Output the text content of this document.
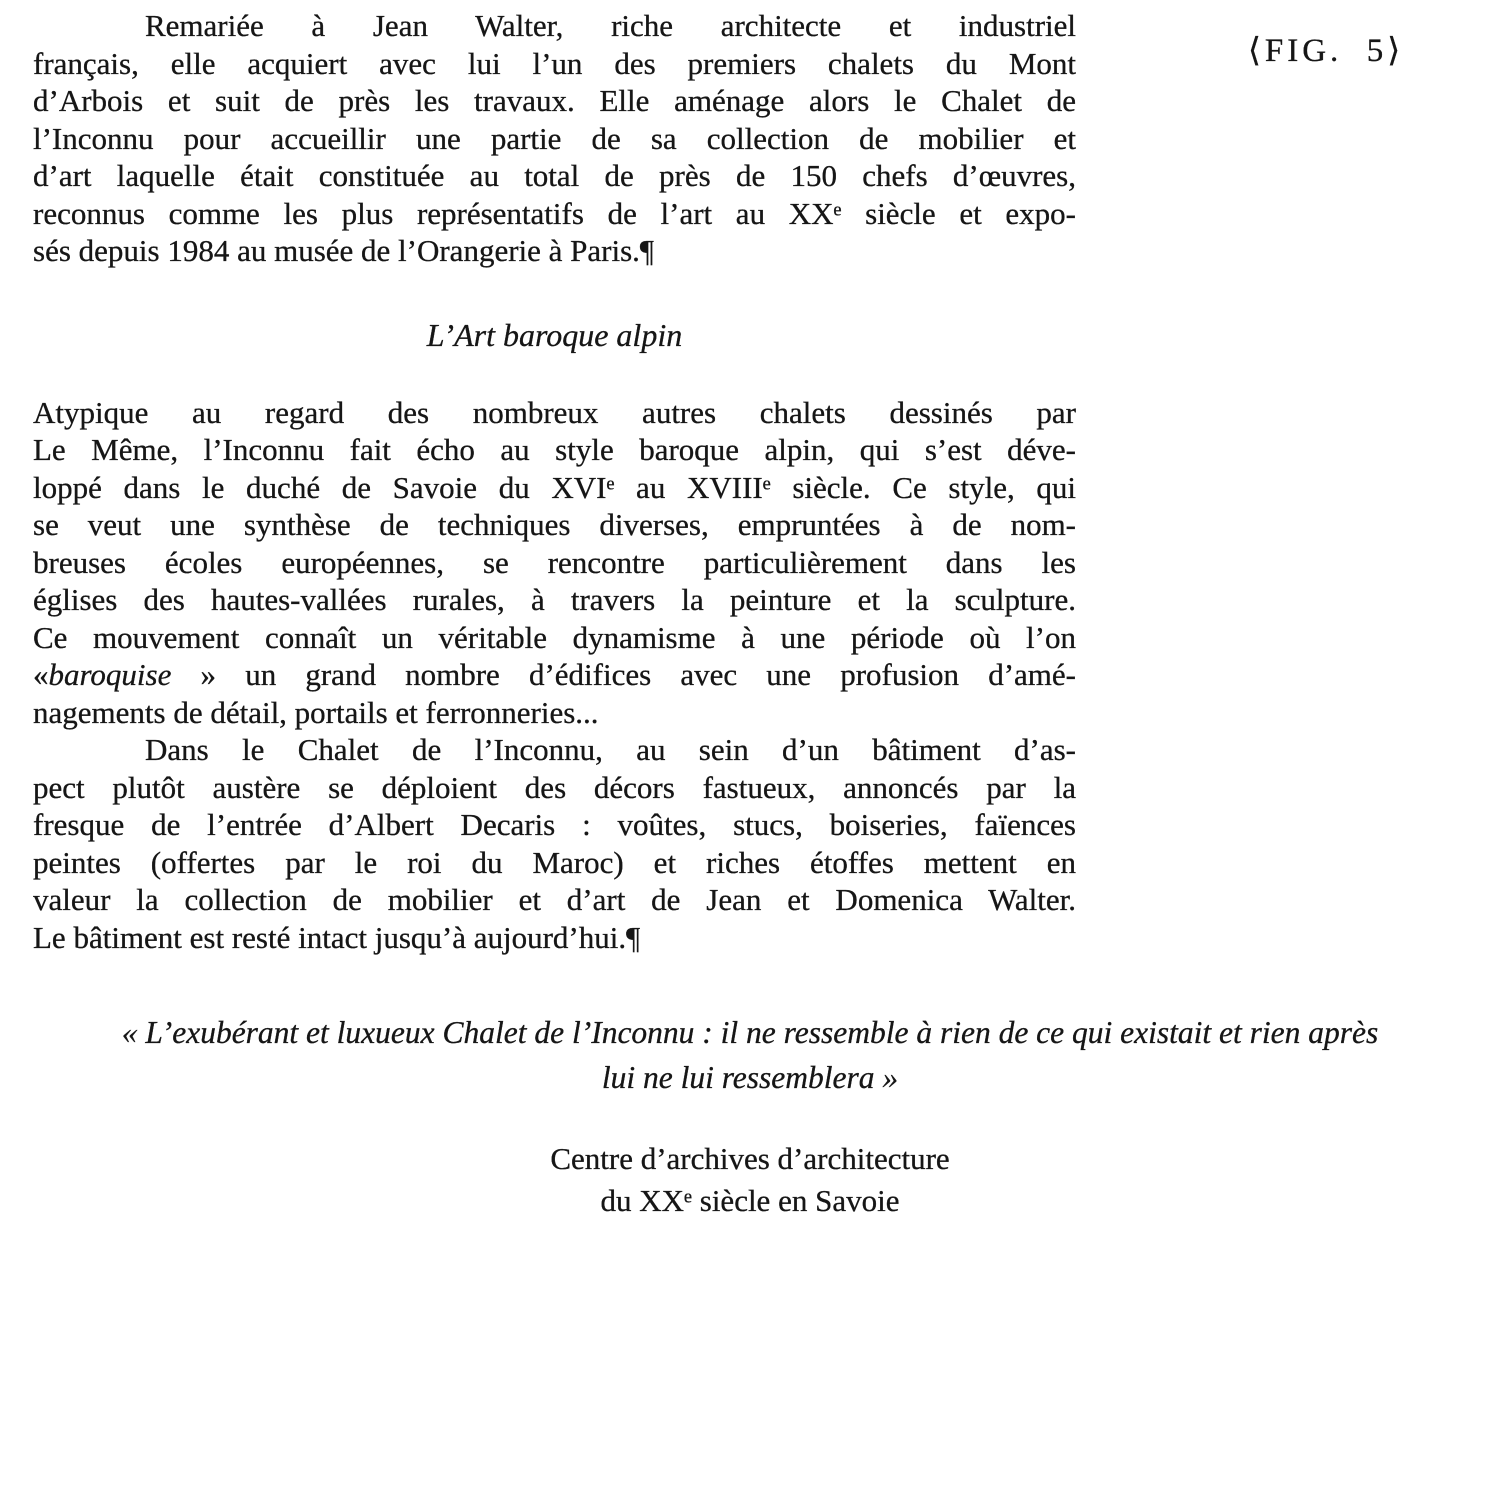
⟨FIG.  5⟩
Remariée à Jean Walter, riche architecte et industriel
français, elle acquiert avec lui l’un des premiers chalets du Mont
d’Arbois et suit de près les travaux. Elle aménage alors le Chalet de
l’Inconnu pour accueillir une partie de sa collection de mobilier et
d’art laquelle était constituée au total de près de 150 chefs d’œuvres,
reconnus comme les plus représentatifs de l’art au XXᵉ siècle et expo-
sés depuis 1984 au musée de l’Orangerie à Paris.¶
L’Art baroque alpin
Atypique au regard des nombreux autres chalets dessinés par
Le Même, l’Inconnu fait écho au style baroque alpin, qui s’est déve-
loppé dans le duché de Savoie du XVIᵉ au XVIIIᵉ siècle. Ce style, qui
se veut une synthèse de techniques diverses, empruntées à de nom-
breuses écoles européennes, se rencontre particulièrement dans les
églises des hautes-vallées rurales, à travers la peinture et la sculpture.
Ce mouvement connaît un véritable dynamisme à une période où l’on
«baroquise » un grand nombre d’édifices avec une profusion d’amé-
nagements de détail, portails et ferronneries...
Dans le Chalet de l’Inconnu, au sein d’un bâtiment d’as-
pect plutôt austère se déploient des décors fastueux, annoncés par la
fresque de l’entrée d’Albert Decaris : voûtes, stucs, boiseries, faïences
peintes (offertes par le roi du Maroc) et riches étoffes mettent en
valeur la collection de mobilier et d’art de Jean et Domenica Walter.
Le bâtiment est resté intact jusqu’à aujourd’hui.¶
« L’exubérant et luxueux Chalet de l’Inconnu : il ne ressemble à rien de ce qui existait et rien après
lui ne lui ressemblera »
Centre d’archives d’architecture
du XXᵉ siècle en Savoie
